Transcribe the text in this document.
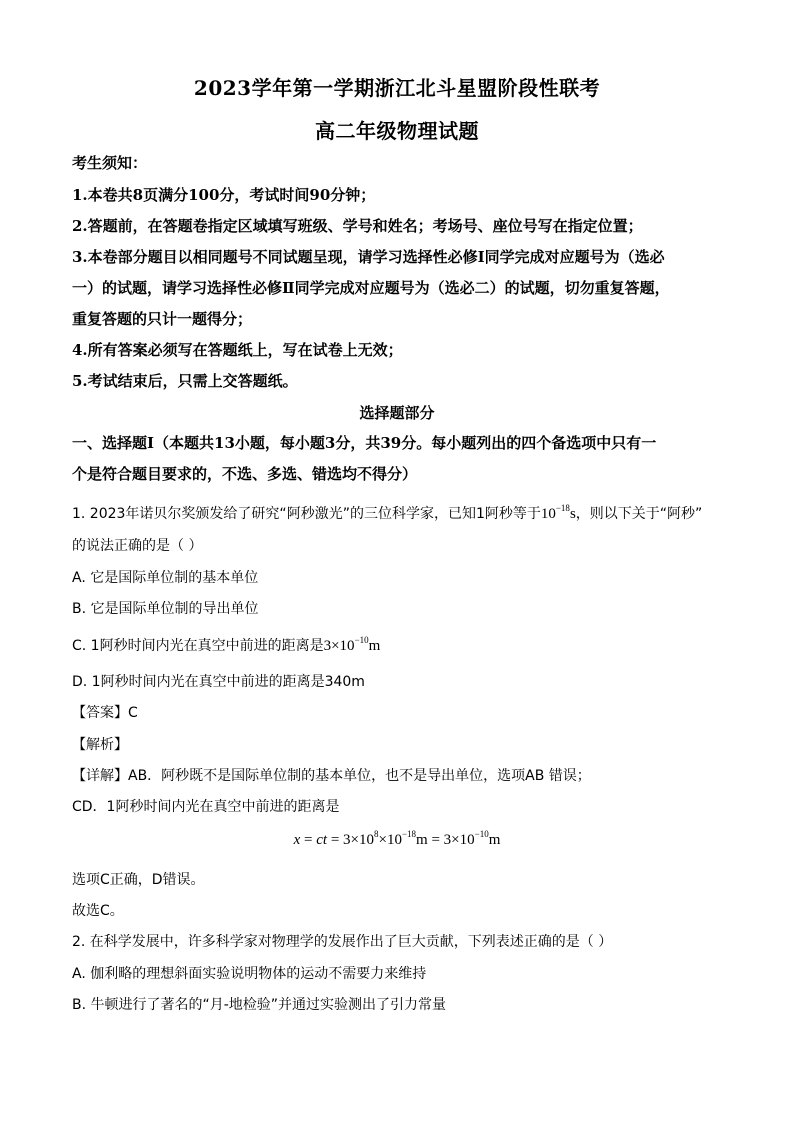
2023学年第一学期浙江北斗星盟阶段性联考
高二年级物理试题
考生须知：
1.本卷共8页满分100分，考试时间90分钟；
2.答题前，在答题卷指定区域填写班级、学号和姓名；考场号、座位号写在指定位置；
3.本卷部分题目以相同题号不同试题呈现，请学习选择性必修Ⅰ同学完成对应题号为（选必
一）的试题，请学习选择性必修Ⅱ同学完成对应题号为（选必二）的试题，切勿重复答题，
重复答题的只计一题得分；
4.所有答案必须写在答题纸上，写在试卷上无效；
5.考试结束后，只需上交答题纸。
选择题部分
一、选择题Ⅰ（本题共13小题，每小题3分，共39分。每小题列出的四个备选项中只有一
个是符合题目要求的，不选、多选、错选均不得分）
1. 2023年诺贝尔奖颁发给了研究“阿秒激光”的三位科学家，已知1阿秒等于$10^{-18}s$，则以下关于“阿秒”
的说法正确的是（ ）
A. 它是国际单位制的基本单位
B. 它是国际单位制的导出单位
C. 1阿秒时间内光在真空中前进的距离是$3\times 10^{-10}m$
D. 1阿秒时间内光在真空中前进的距离是340m
【答案】C
【解析】
【详解】AB．阿秒既不是国际单位制的基本单位，也不是导出单位，选项AB 错误；
CD．1阿秒时间内光在真空中前进的距离是
x = ct = $3\times 10^8\times 10^{-18}m = 3\times 10^{-10}m$
选项C正确，D错误。
故选C。
2. 在科学发展中，许多科学家对物理学的发展作出了巨大贡献，下列表述正确的是（ ）
A. 伽利略的理想斜面实验说明物体的运动不需要力来维持
B. 牛顿进行了著名的“月-地检验”并通过实验测出了引力常量
